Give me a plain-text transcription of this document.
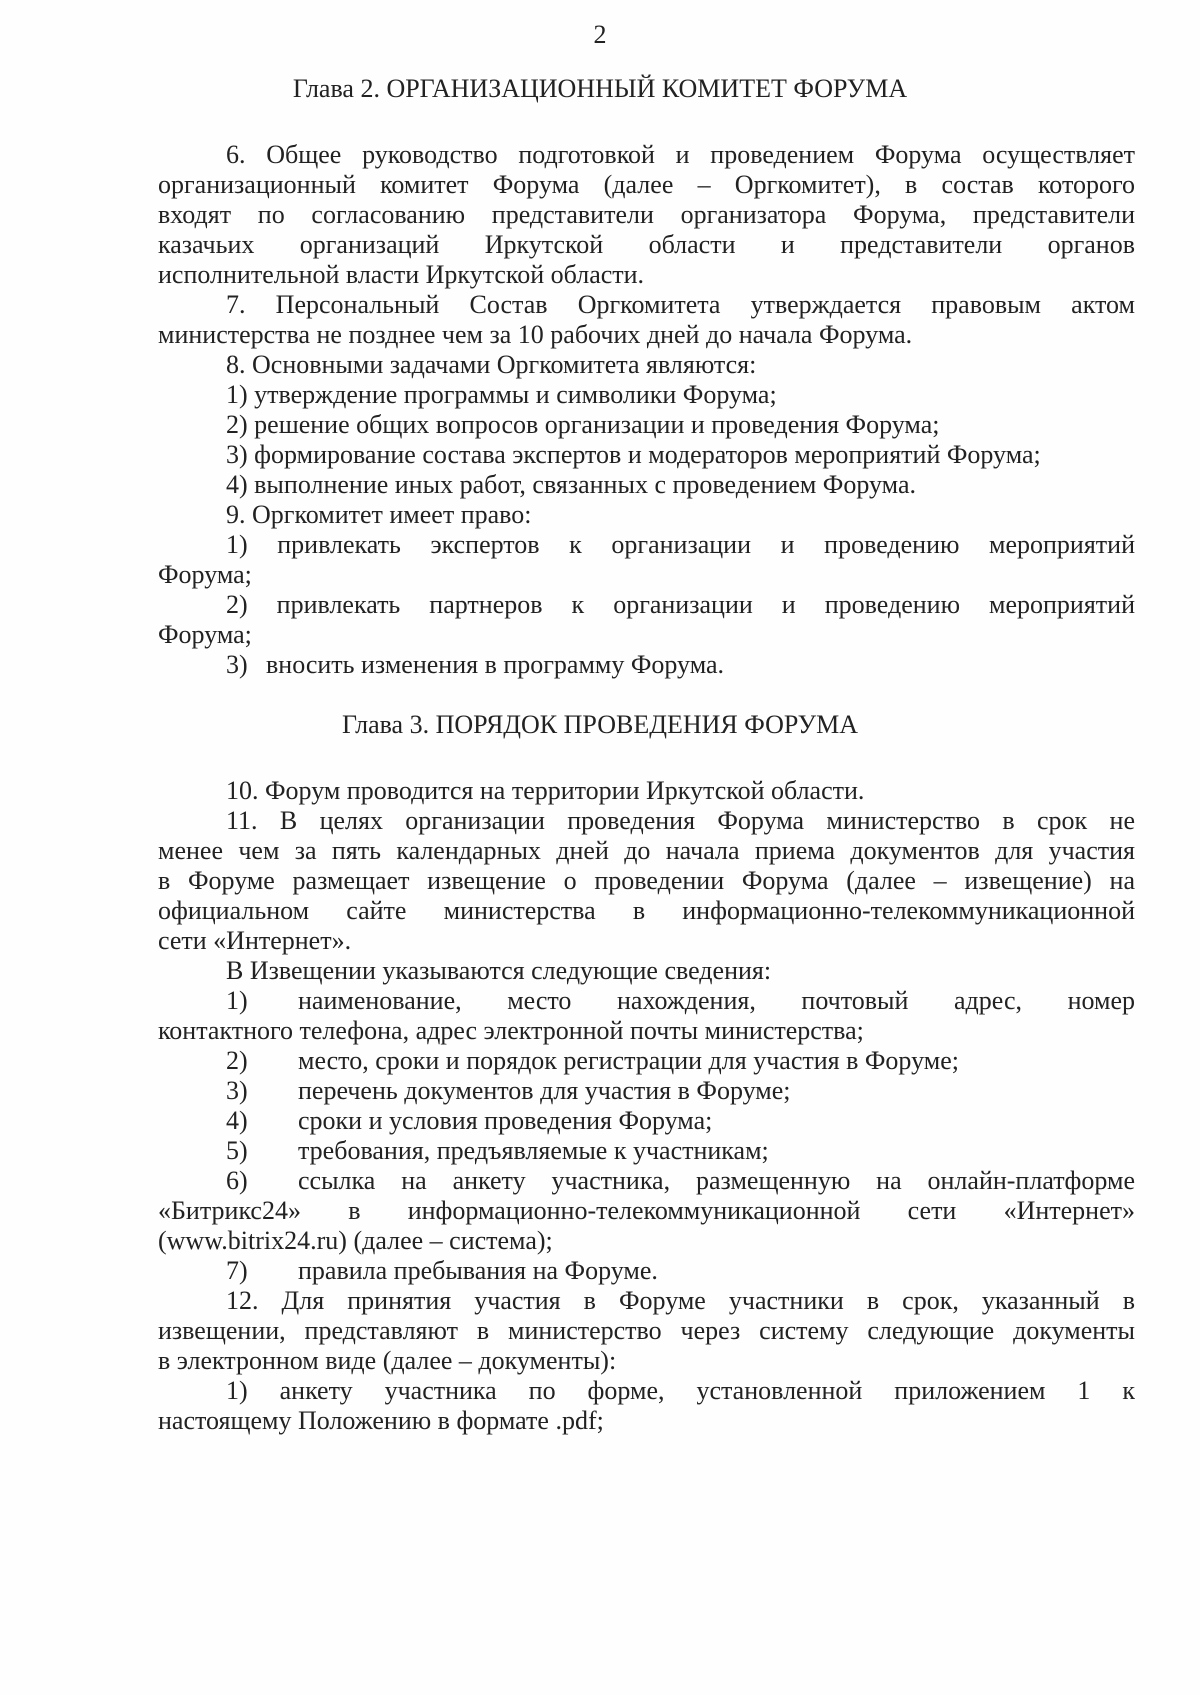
2
Глава 2. ОРГАНИЗАЦИОННЫЙ КОМИТЕТ ФОРУМА
6. Общее руководство подготовкой и проведением Форума осуществляет
организационный комитет Форума (далее – Оргкомитет), в состав которого
входят по согласованию представители организатора Форума, представители
казачьих организаций Иркутской области и представители органов
исполнительной власти Иркутской области.
7. Персональный Состав Оргкомитета утверждается правовым актом
министерства не позднее чем за 10 рабочих дней до начала Форума.
8. Основными задачами Оргкомитета являются:
1) утверждение программы и символики Форума;
2) решение общих вопросов организации и проведения Форума;
3) формирование состава экспертов и модераторов мероприятий Форума;
4) выполнение иных работ, связанных с проведением Форума.
9. Оргкомитет имеет право:
1) привлекать экспертов к организации и проведению мероприятий
Форума;
2) привлекать партнеров к организации и проведению мероприятий
Форума;
3) вносить изменения в программу Форума.
Глава 3. ПОРЯДОК ПРОВЕДЕНИЯ ФОРУМА
10. Форум проводится на территории Иркутской области.
11. В целях организации проведения Форума министерство в срок не
менее чем за пять календарных дней до начала приема документов для участия
в Форуме размещает извещение о проведении Форума (далее – извещение) на
официальном сайте министерства в информационно-телекоммуникационной
сети «Интернет».
В Извещении указываются следующие сведения:
1) наименование, место нахождения, почтовый адрес, номер
контактного телефона, адрес электронной почты министерства;
2) место, сроки и порядок регистрации для участия в Форуме;
3) перечень документов для участия в Форуме;
4) сроки и условия проведения Форума;
5) требования, предъявляемые к участникам;
6) ссылка на анкету участника, размещенную на онлайн-платформе
«Битрикс24» в информационно-телекоммуникационной сети «Интернет»
(www.bitrix24.ru) (далее – система);
7) правила пребывания на Форуме.
12. Для принятия участия в Форуме участники в срок, указанный в
извещении, представляют в министерство через систему следующие документы
в электронном виде (далее – документы):
1) анкету участника по форме, установленной приложением 1 к
настоящему Положению в формате .pdf;
